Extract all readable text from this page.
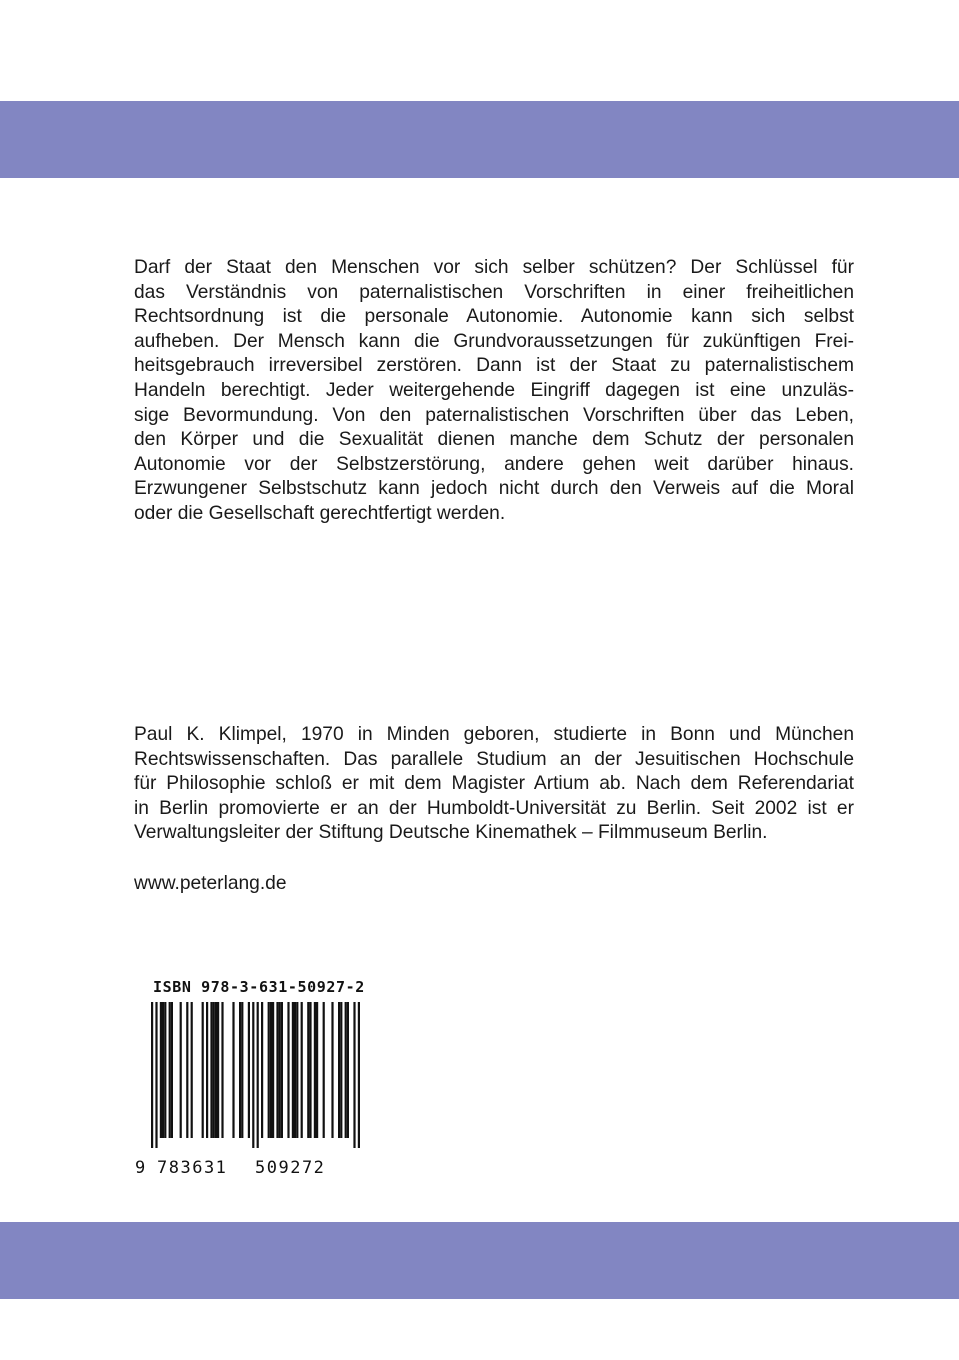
Darf der Staat den Menschen vor sich selber schützen? Der Schlüssel für
das Verständnis von paternalistischen Vorschriften in einer freiheitlichen
Rechtsordnung ist die personale Autonomie. Autonomie kann sich selbst
aufheben. Der Mensch kann die Grundvoraussetzungen für zukünftigen Frei-
heitsgebrauch irreversibel zerstören. Dann ist der Staat zu paternalistischem
Handeln berechtigt. Jeder weitergehende Eingriff dagegen ist eine unzuläs-
sige Bevormundung. Von den paternalistischen Vorschriften über das Leben,
den Körper und die Sexualität dienen manche dem Schutz der personalen
Autonomie vor der Selbstzerstörung, andere gehen weit darüber hinaus.
Erzwungener Selbstschutz kann jedoch nicht durch den Verweis auf die Moral
oder die Gesellschaft gerechtfertigt werden.
Paul K. Klimpel, 1970 in Minden geboren, studierte in Bonn und München
Rechtswissenschaften. Das parallele Studium an der Jesuitischen Hochschule
für Philosophie schloß er mit dem Magister Artium ab. Nach dem Referendariat
in Berlin promovierte er an der Humboldt-Universität zu Berlin. Seit 2002 ist er
Verwaltungsleiter der Stiftung Deutsche Kinemathek – Filmmuseum Berlin.
www.peterlang.de
ISBN 978-3-631-50927-2
9 783631 509272
